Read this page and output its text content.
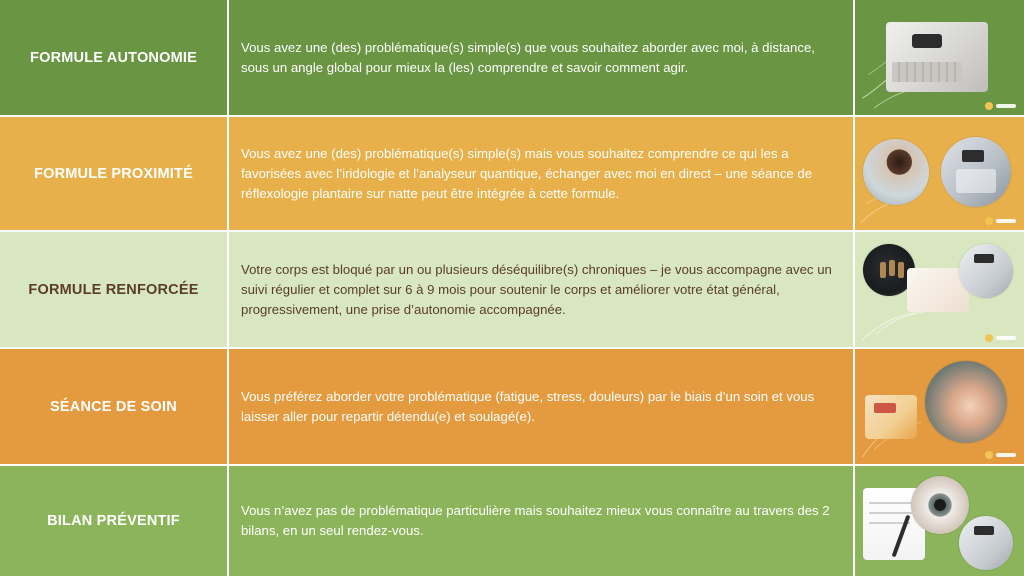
FORMULE AUTONOMIE
Vous avez une (des) problématique(s) simple(s) que vous souhaitez aborder avec moi, à distance, sous un angle global pour mieux la (les) comprendre et savoir comment agir.
FORMULE PROXIMITÉ
Vous avez une (des) problématique(s) simple(s) mais vous souhaitez comprendre ce qui les a favorisées avec l’iridologie et l’analyseur quantique, échanger avec moi en direct – une séance de réflexologie plantaire sur natte peut être intégrée à cette formule.
FORMULE RENFORCÉE
Votre corps est bloqué par un ou plusieurs déséquilibre(s) chroniques – je vous accompagne avec un suivi régulier et complet sur 6 à 9 mois pour soutenir le corps et améliorer votre état général, progressivement, une prise d’autonomie accompagnée.
SÉANCE DE SOIN
Vous préférez aborder votre problématique (fatigue, stress, douleurs) par le biais d’un soin et vous laisser aller pour repartir détendu(e) et soulagé(e).
BILAN PRÉVENTIF
Vous n’avez pas de problématique particulière mais souhaitez mieux vous connaître au travers des 2 bilans, en un seul rendez-vous.
